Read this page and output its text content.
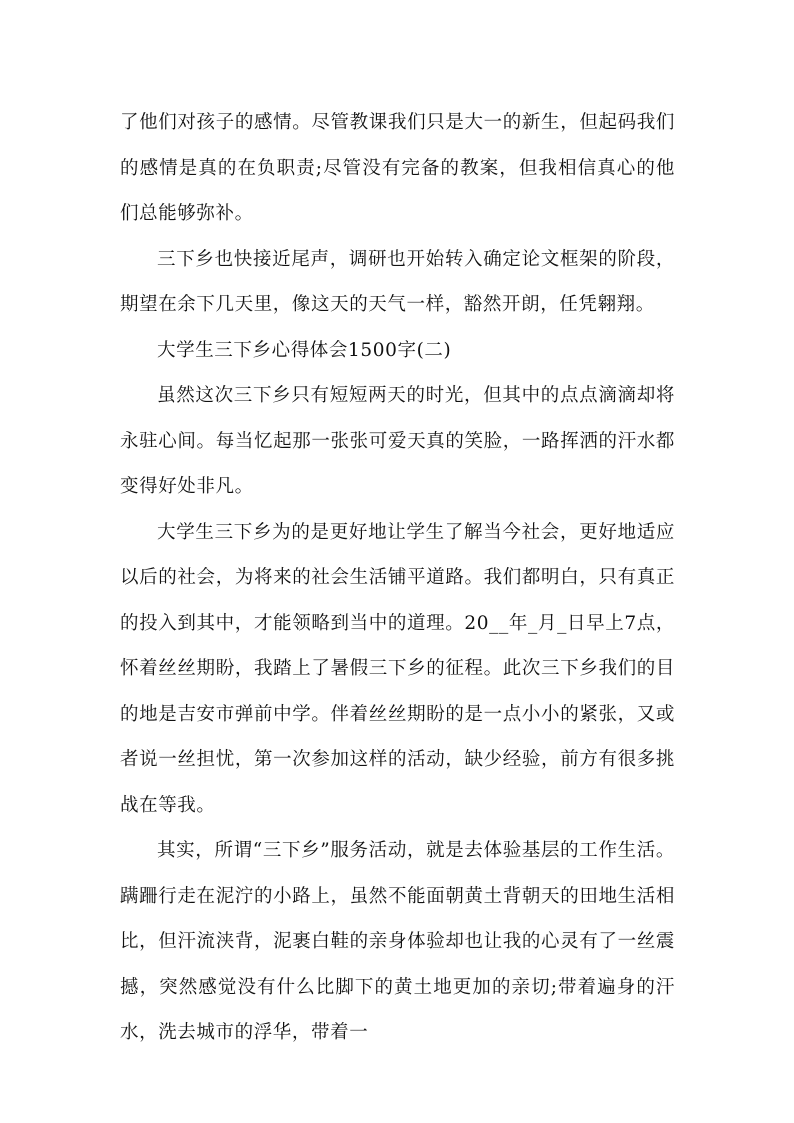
了他们对孩子的感情。尽管教课我们只是大一的新生，但起码我们的感情是真的在负职责;尽管没有完备的教案，但我相信真心的他们总能够弥补。

三下乡也快接近尾声，调研也开始转入确定论文框架的阶段，期望在余下几天里，像这天的天气一样，豁然开朗，任凭翱翔。

大学生三下乡心得体会1500字(二)

虽然这次三下乡只有短短两天的时光，但其中的点点滴滴却将永驻心间。每当忆起那一张张可爱天真的笑脸，一路挥洒的汗水都变得好处非凡。

大学生三下乡为的是更好地让学生了解当今社会，更好地适应以后的社会，为将来的社会生活铺平道路。我们都明白，只有真正的投入到其中，才能领略到当中的道理。20__年_月_日早上7点，怀着丝丝期盼，我踏上了暑假三下乡的征程。此次三下乡我们的目的地是吉安市弹前中学。伴着丝丝期盼的是一点小小的紧张，又或者说一丝担忧，第一次参加这样的活动，缺少经验，前方有很多挑战在等我。

其实，所谓“三下乡”服务活动，就是去体验基层的工作生活。蹒跚行走在泥泞的小路上，虽然不能面朝黄土背朝天的田地生活相比，但汗流浃背，泥裹白鞋的亲身体验却也让我的心灵有了一丝震撼，突然感觉没有什么比脚下的黄土地更加的亲切;带着遍身的汗水，洗去城市的浮华，带着一
